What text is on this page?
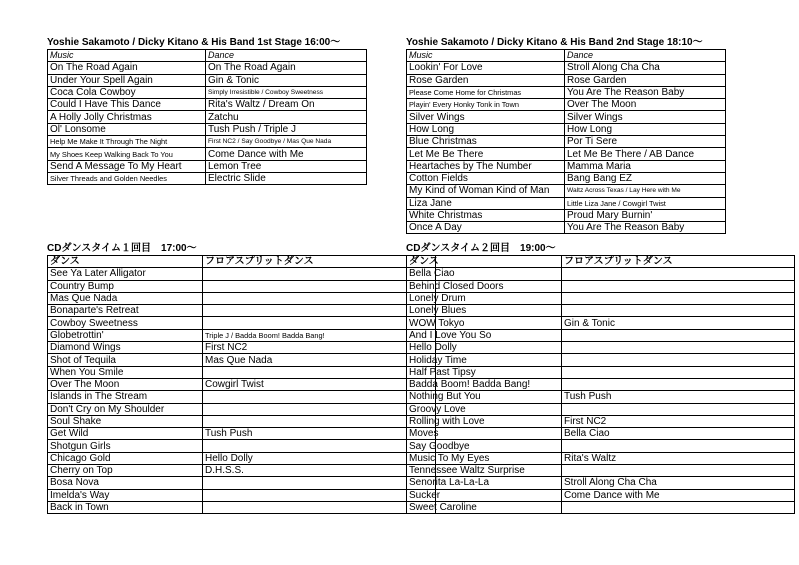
Yoshie Sakamoto / Dicky Kitano & His Band 1st Stage 16:00～
Music	Dance
On The Road Again	On The Road Again
Under Your Spell Again	Gin & Tonic
Coca Cola Cowboy	Simply Irresistible / Cowboy Sweetness
Could I Have This Dance	Rita's Waltz / Dream On
A Holly Jolly Christmas	Zatchu
Ol' Lonsome	Tush Push / Triple J
Help Me Make It Through The Night	First NC2 / Say Goodbye / Mas Que Nada
My Shoes Keep Walking Back To You	Come Dance with Me
Send A Message To My Heart	Lemon Tree
Silver Threads and Golden Needles	Electric Slide
Yoshie Sakamoto / Dicky Kitano & His Band 2nd Stage 18:10～
Music	Dance
Lookin' For Love	Stroll Along Cha Cha
Rose Garden	Rose Garden
Please Come Home for Christmas	You Are The Reason Baby
Playin' Every Honky Tonk in Town	Over The Moon
Silver Wings	Silver Wings
How Long	How Long
Blue Christmas	Por Ti Sere
Let Me Be There	Let Me Be There / AB Dance
Heartaches by The Number	Mamma Maria
Cotton Fields	Bang Bang EZ
My Kind of Woman Kind of Man	Waltz Across Texas / Lay Here with Me
Liza Jane	Little Liza Jane / Cowgirl Twist
White Christmas	Proud Mary Burnin'
Once A Day	You Are The Reason Baby
CDダンスタイム１回目　17:00～
ダンス	フロアスプリットダンス
See Ya Later Alligator	
Country Bump	
Mas Que Nada	
Bonaparte's Retreat	
Cowboy Sweetness	
Globetrottin'	Triple J / Badda Boom! Badda Bang!
Diamond Wings	First NC2
Shot of Tequila	Mas Que Nada
When You Smile	
Over The Moon	Cowgirl Twist
Islands in The Stream	
Don't Cry on My Shoulder	
Soul Shake	
Get Wild	Tush Push
Shotgun Girls	
Chicago Gold	Hello Dolly
Cherry on Top	D.H.S.S.
Bosa Nova	
Imelda's Way	
Back in Town	
CDダンスタイム２回目　19:00～
ダンス	フロアスプリットダンス
Bella Ciao	
Behind Closed Doors	
Lonely Drum	
Lonely Blues	
WOW Tokyo	Gin & Tonic
And I Love You So	
Hello Dolly	
Holiday Time	
Half Past Tipsy	
Badda Boom! Badda Bang!	
Nothing But You	Tush Push
Groovy Love	
Rolling with Love	First NC2
Moves	Bella Ciao
Say Goodbye	
Music To My Eyes	Rita's Waltz
Tennessee Waltz Surprise	
Senorita La-La-La	Stroll Along Cha Cha
Sucker	Come Dance with Me
Sweet Caroline	
